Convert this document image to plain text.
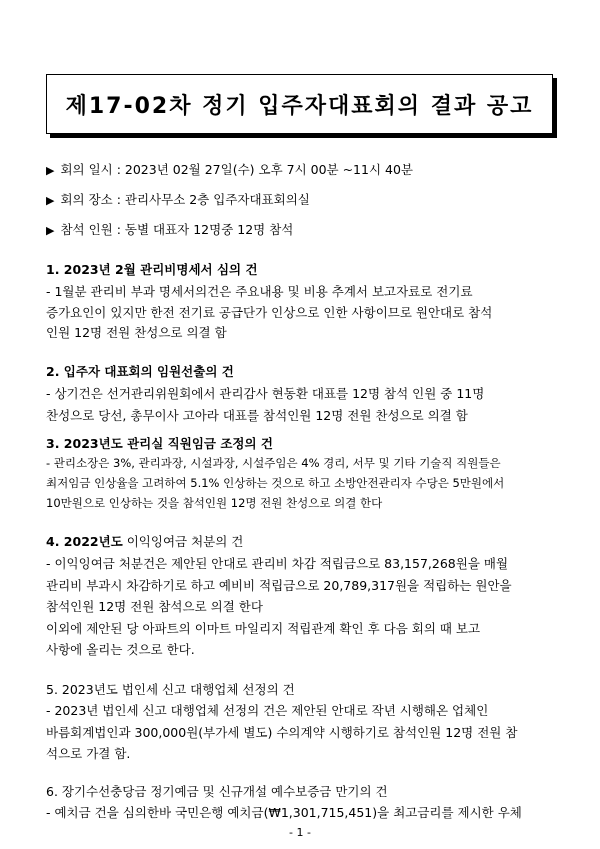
제17-02차 정기 입주자대표회의 결과 공고
▶ 회의 일시 : 2023년 02월 27일(수) 오후 7시 00분 ~11시 40분
▶ 회의 장소 : 관리사무소 2층 입주자대표회의실
▶ 참석 인원 : 동별 대표자 12명중 12명 참석
1. 2023년 2월 관리비명세서 심의 건
- 1월분 관리비 부과 명세서의건은 주요내용 및 비용 추계서 보고자료로 전기료
증가요인이 있지만 한전 전기료 공급단가 인상으로 인한 사항이므로 원안대로 참석
인원 12명 전원 찬성으로 의결 함
2. 입주자 대표회의 임원선출의 건
- 상기건은 선거관리위원회에서 관리감사 현동환 대표를 12명 참석 인원 중 11명
찬성으로 당선, 총무이사 고아라 대표를 참석인원 12명 전원 찬성으로 의결 함
3. 2023년도 관리실 직원임금 조정의 건
- 관리소장은 3%, 관리과장, 시설과장, 시설주임은 4% 경리, 서무 및 기타 기술직 직원들은
최저임금 인상율을 고려하여 5.1% 인상하는 것으로 하고 소방안전관리자 수당은 5만원에서
10만원으로 인상하는 것을 참석인원 12명 전원 찬성으로 의결 한다
4. 2022년도 이익잉여금 처분의 건
- 이익잉여금 처분건은 제안된 안대로 관리비 차감 적립금으로 83,157,268원을 매월
관리비 부과시 차감하기로 하고 예비비 적립금으로 20,789,317원을 적립하는 원안을
참석인원 12명 전원 참석으로 의결 한다
이외에 제안된 당 아파트의 이마트 마일리지 적립관계 확인 후 다음 회의 때 보고
사항에 올리는 것으로 한다.
5. 2023년도 법인세 신고 대행업체 선정의 건
- 2023년 법인세 신고 대행업체 선정의 건은 제안된 안대로 작년 시행해온 업체인
바름회계법인과 300,000원(부가세 별도) 수의계약 시행하기로 참석인원 12명 전원 참
석으로 가결 함.
6. 장기수선충당금 정기예금 및 신규개설 예수보증금 만기의 건
- 예치금 건을 심의한바 국민은행 예치금(₩1,301,715,451)을 최고금리를 제시한 우체
- 1 -
